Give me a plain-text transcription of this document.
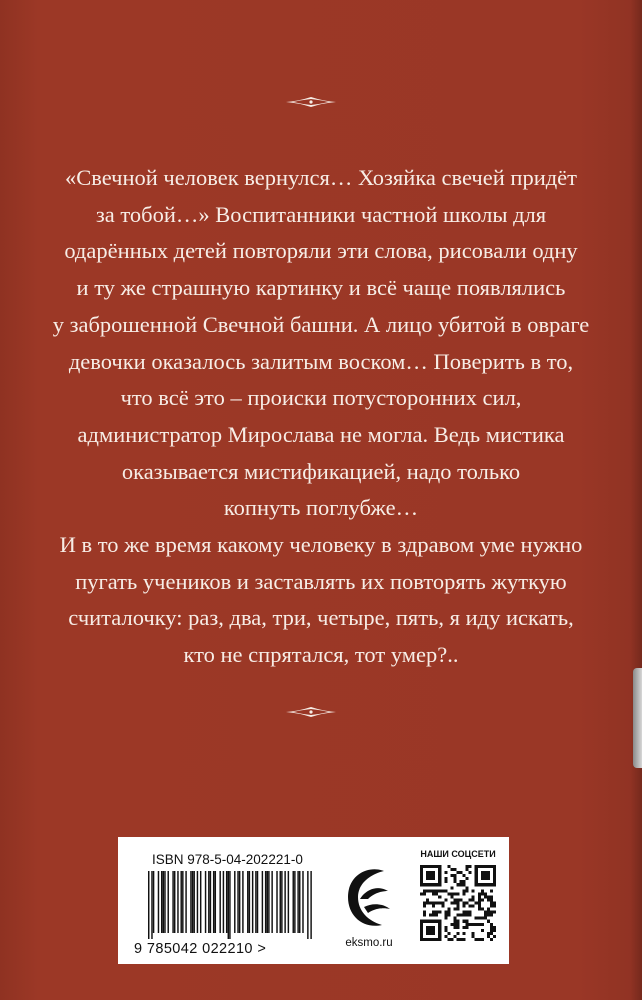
«Свечной человек вернулся… Хозяйка свечей придёт
за тобой…» Воспитанники частной школы для
одарённых детей повторяли эти слова, рисовали одну
и ту же страшную картинку и всё чаще появлялись
у заброшенной Свечной башни. А лицо убитой в овраге
девочки оказалось залитым воском… Поверить в то,
что всё это – происки потусторонних сил,
администратор Мирослава не могла. Ведь мистика
оказывается мистификацией, надо только
копнуть поглубже…
И в то же время какому человеку в здравом уме нужно
пугать учеников и заставлять их повторять жуткую
считалочку: раз, два, три, четыре, пять, я иду искать,
кто не спрятался, тот умер?..
ISBN 978-5-04-202221-0
9 785042 022210 >	eksmo.ru
НАШИ СОЦСЕТИ
